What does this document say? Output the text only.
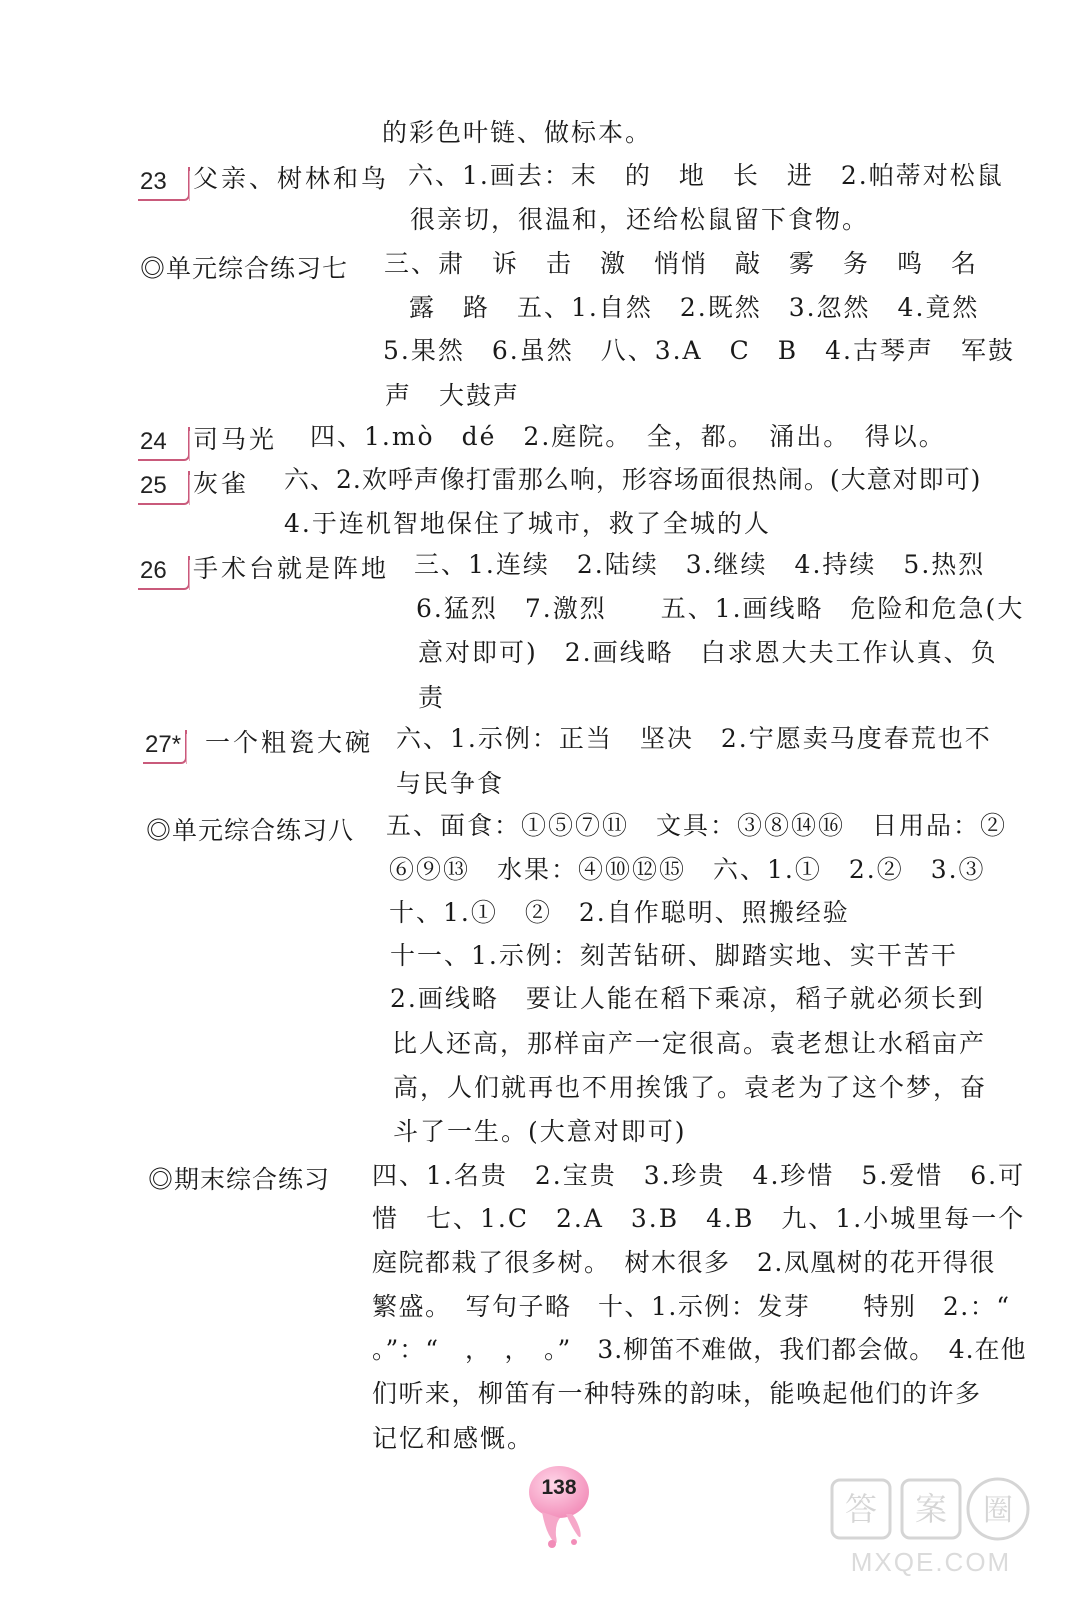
的彩色叶链、做标本。
23 父亲、树林和鸟 六、1.画去：末　的　地　长　进　2.帕蒂对松鼠
很亲切，很温和，还给松鼠留下食物。
◎单元综合练习七 三、肃　诉　击　激　悄悄　敲　雾　务　鸣　名
露　路　五、1.自然　2.既然　3.忽然　4.竟然
5.果然　6.虽然　八、3.A　C　B　4.古琴声　军鼓
声　大鼓声
24 司马光 四、1.mò　dé　2.庭院。　全，都。　涌出。　得以。
25 灰雀 六、2.欢呼声像打雷那么响，形容场面很热闹。(大意对即可)
4.于连机智地保住了城市，救了全城的人
26 手术台就是阵地 三、1.连续　2.陆续　3.继续　4.持续　5.热烈
6.猛烈　7.激烈　　五、1.画线略　危险和危急(大
意对即可)　2.画线略　白求恩大夫工作认真、负
责
27* 一个粗瓷大碗 六、1.示例：正当　坚决　2.宁愿卖马度春荒也不
与民争食
◎单元综合练习八 五、面食：①⑤⑦⑪　文具：③⑧⑭⑯　日用品：②
⑥⑨⑬　水果：④⑩⑫⑮　六、1.①　2.②　3.③
十、1.①　②　2.自作聪明、照搬经验
十一、1.示例：刻苦钻研、脚踏实地、实干苦干
2.画线略　要让人能在稻下乘凉，稻子就必须长到
比人还高，那样亩产一定很高。袁老想让水稻亩产
高，人们就再也不用挨饿了。袁老为了这个梦，奋
斗了一生。(大意对即可)
◎期末综合练习 四、1.名贵　2.宝贵　3.珍贵　4.珍惜　5.爱惜　6.可
惜　七、1.C　2.A　3.B　4.B　九、1.小城里每一个
庭院都栽了很多树。　树木很多　2.凤凰树的花开得很
繁盛。　写句子略　十、1.示例：发芽　　特别　2.：“
。”：“　，　，　。”　3.柳笛不难做，我们都会做。　4.在他
们听来，柳笛有一种特殊的韵味，能唤起他们的许多
记忆和感慨。
138
答 案 圈
MXQE.COM
